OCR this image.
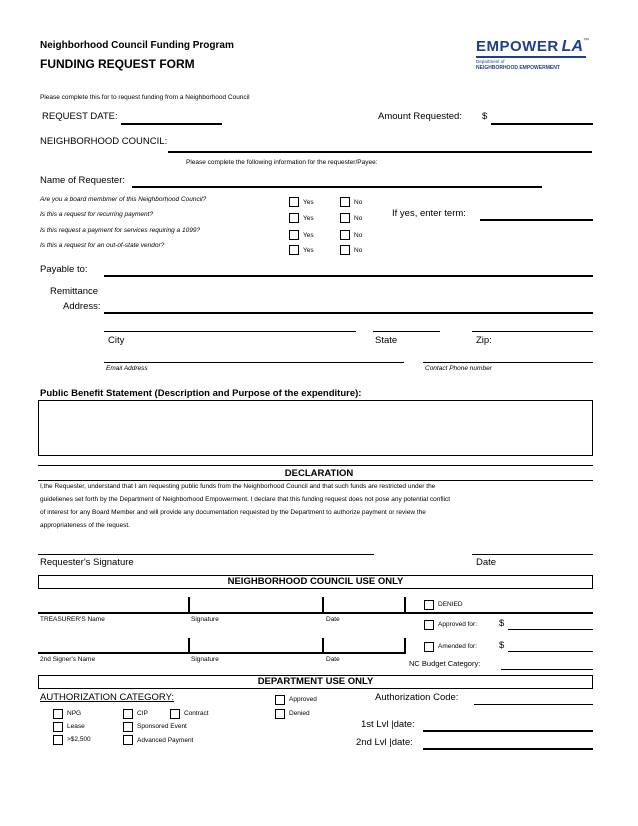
Neighborhood Council Funding Program
FUNDING REQUEST FORM
EMPOWER LA™
Department of
NEIGHBORHOOD EMPOWERMENT
Please complete this for to request funding from a Neighborhood Council
REQUEST DATE:	Amount Requested: $
NEIGHBORHOOD COUNCIL:
Please complete the following information for the requester/Payee:
Name of Requester:
Are you a board membmer of this Neighborhood Council?	Yes	No
Is this a request for recurring payment?
Yes	No	If yes, enter term:
Is this request a payment for services requiring a 1099?
Yes	No
Is this a request for an out-of-state vendor?
Yes	No
Payable to:
Remittance
Address:
City	State	Zip:
Email Address	Contact Phone number
Public Benefit Statement (Description and Purpose of the expenditure):
DECLARATION
I,the Requester, understand that I am requesting public funds from the Neighborhood Council and that such funds are restricted under the
guidelienes set forth by the Department of Neighborhood Empowerment. I declare that this funding request does not pose any potential conflict
of interest for any Board Member and will provide any documentation requested by the Department to authorize payment or review the
appropriateness of the request.
Requester's Signature	Date
NEIGHBORHOOD COUNCIL USE ONLY
TREASURER'S Name	Signature	Date
2nd Signer's Name	Signature	Date
DENIED
Approved for: $
Amended for: $
NC Budget Category:
DEPARTMENT USE ONLY
AUTHORIZATION CATEGORY:
NPG	CIP	Contract
Lease	Sponsored Event
>$2,500	Advanced Payment
Approved
Denied
Authorization Code:
1st Lvl |date:
2nd Lvl |date:
